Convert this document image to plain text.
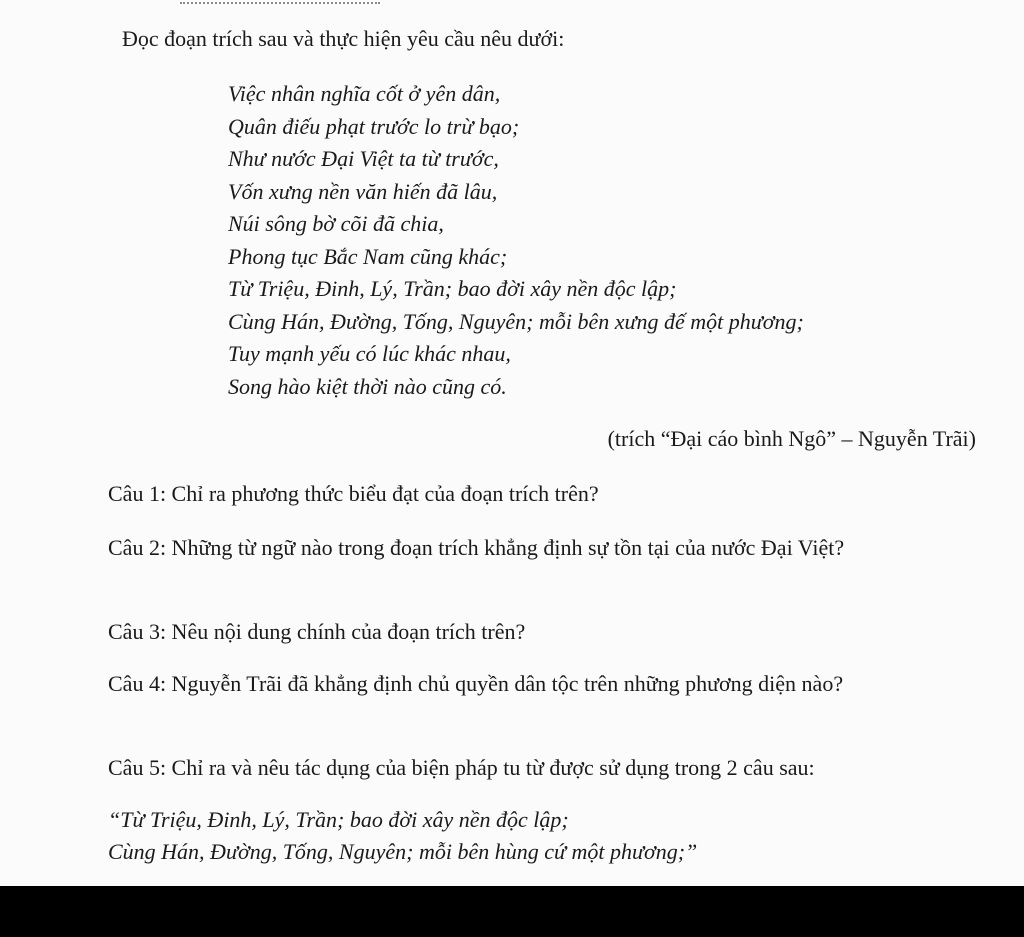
Đọc đoạn trích sau và thực hiện yêu cầu nêu dưới:

Việc nhân nghĩa cốt ở yên dân,
Quân điếu phạt trước lo trừ bạo;
Như nước Đại Việt ta từ trước,
Vốn xưng nền văn hiến đã lâu,
Núi sông bờ cõi đã chia,
Phong tục Bắc Nam cũng khác;
Từ Triệu, Đinh, Lý, Trần; bao đời xây nền độc lập;
Cùng Hán, Đường, Tống, Nguyên; mỗi bên xưng đế một phương;
Tuy mạnh yếu có lúc khác nhau,
Song hào kiệt thời nào cũng có.

(trích “Đại cáo bình Ngô” – Nguyễn Trãi)

Câu 1: Chỉ ra phương thức biểu đạt của đoạn trích trên?

Câu 2: Những từ ngữ nào trong đoạn trích khẳng định sự tồn tại của nước Đại Việt?

Câu 3: Nêu nội dung chính của đoạn trích trên?

Câu 4: Nguyễn Trãi đã khẳng định chủ quyền dân tộc trên những phương diện nào?

Câu 5: Chỉ ra và nêu tác dụng của biện pháp tu từ được sử dụng trong 2 câu sau:

“Từ Triệu, Đinh, Lý, Trần; bao đời xây nền độc lập;
Cùng Hán, Đường, Tống, Nguyên; mỗi bên hùng cứ một phương;”
